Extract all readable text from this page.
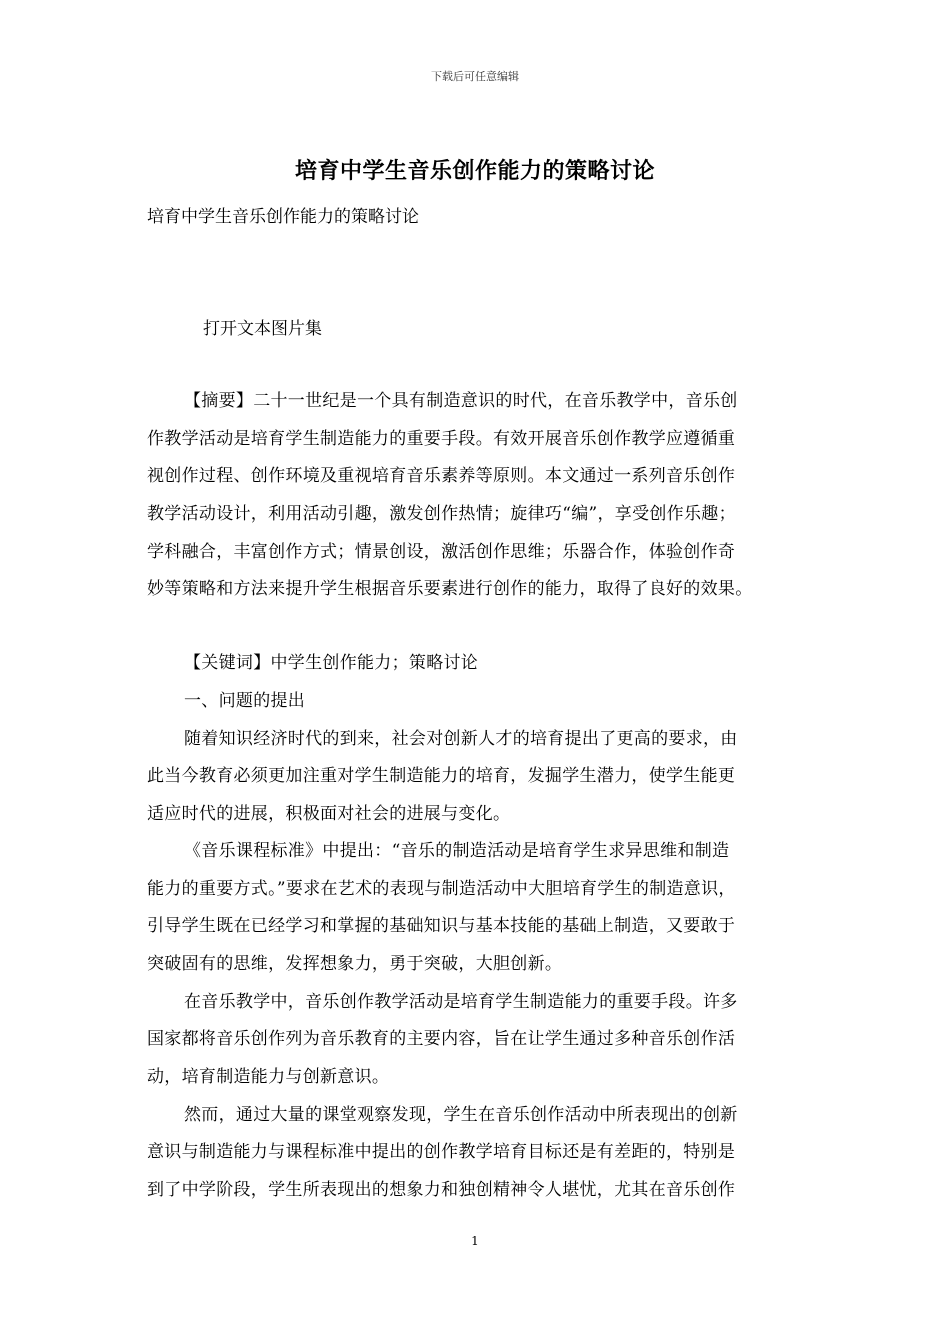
下载后可任意编辑
培育中学生音乐创作能力的策略讨论
培育中学生音乐创作能力的策略讨论
打开文本图片集
【摘要】二十一世纪是一个具有制造意识的时代，在音乐教学中，音乐创
作教学活动是培育学生制造能力的重要手段。有效开展音乐创作教学应遵循重
视创作过程、创作环境及重视培育音乐素养等原则。本文通过一系列音乐创作
教学活动设计，利用活动引趣，激发创作热情；旋律巧“编”，享受创作乐趣；
学科融合，丰富创作方式；情景创设，激活创作思维；乐器合作，体验创作奇
妙等策略和方法来提升学生根据音乐要素进行创作的能力，取得了良好的效果。
【关键词】中学生创作能力；策略讨论
一、问题的提出
随着知识经济时代的到来，社会对创新人才的培育提出了更高的要求，由
此当今教育必须更加注重对学生制造能力的培育，发掘学生潜力，使学生能更
适应时代的进展，积极面对社会的进展与变化。
《音乐课程标准》中提出：“音乐的制造活动是培育学生求异思维和制造
能力的重要方式。”要求在艺术的表现与制造活动中大胆培育学生的制造意识，
引导学生既在已经学习和掌握的基础知识与基本技能的基础上制造，又要敢于
突破固有的思维，发挥想象力，勇于突破，大胆创新。
在音乐教学中，音乐创作教学活动是培育学生制造能力的重要手段。许多
国家都将音乐创作列为音乐教育的主要内容，旨在让学生通过多种音乐创作活
动，培育制造能力与创新意识。
然而，通过大量的课堂观察发现，学生在音乐创作活动中所表现出的创新
意识与制造能力与课程标准中提出的创作教学培育目标还是有差距的，特别是
到了中学阶段，学生所表现出的想象力和独创精神令人堪忧，尤其在音乐创作
1
